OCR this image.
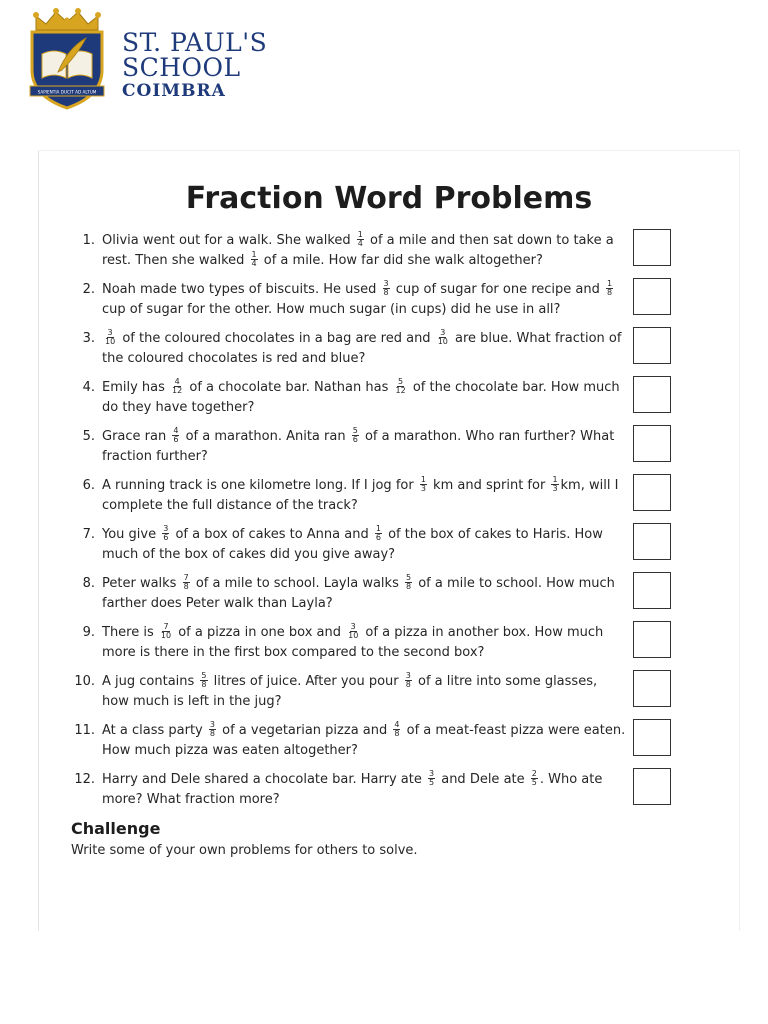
SAPIENTIA DUCIT AD ALTUM
ST. PAUL'S
SCHOOL
COIMBRA
Fraction Word Problems
1. Olivia went out for a walk. She walked $\frac{1}{4}$ of a mile and then sat down to take a rest. Then she walked $\frac{1}{4}$ of a mile. How far did she walk altogether?
2. Noah made two types of biscuits. He used $\frac{3}{8}$ cup of sugar for one recipe and $\frac{1}{8}$
cup of sugar for the other. How much sugar (in cups) did he use in all?
3. $\frac{3}{10}$ of the coloured chocolates in a bag are red and $\frac{3}{10}$ are blue. What fraction of the coloured chocolates is red and blue?
4. Emily has $\frac{4}{12}$ of a chocolate bar. Nathan has $\frac{5}{12}$ of the chocolate bar. How much do they have together?
5. Grace ran $\frac{4}{6}$ of a marathon. Anita ran $\frac{5}{6}$ of a marathon. Who ran further? What fraction further?
6. A running track is one kilometre long. If I jog for $\frac{1}{3}$ km and sprint for $\frac{1}{3}$ km, will I complete the full distance of the track?
7. You give $\frac{3}{6}$ of a box of cakes to Anna and $\frac{1}{6}$ of the box of cakes to Haris. How much of the box of cakes did you give away?
8. Peter walks $\frac{7}{8}$ of a mile to school. Layla walks $\frac{5}{8}$ of a mile to school. How much farther does Peter walk than Layla?
9. There is $\frac{7}{10}$ of a pizza in one box and $\frac{3}{10}$ of a pizza in another box. How much more is there in the first box compared to the second box?
10. A jug contains $\frac{5}{8}$ litres of juice. After you pour $\frac{3}{8}$ of a litre into some glasses, how much is left in the jug?
11. At a class party $\frac{3}{8}$ of a vegetarian pizza and $\frac{4}{8}$ of a meat-feast pizza were eaten. How much pizza was eaten altogether?
12. Harry and Dele shared a chocolate bar. Harry ate $\frac{3}{5}$ and Dele ate $\frac{2}{5}$ . Who ate more? What fraction more?
Challenge
Write some of your own problems for others to solve.
